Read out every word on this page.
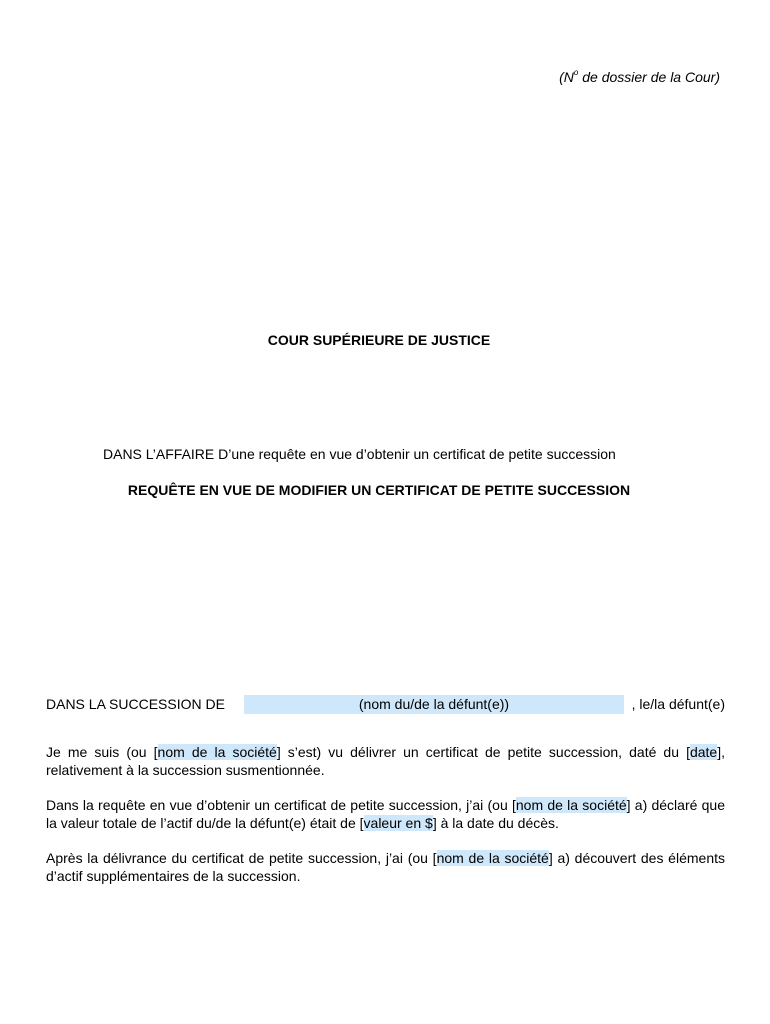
($N^o$ de dossier de la Cour)
COUR SUPÉRIEURE DE JUSTICE
DANS L’AFFAIRE D’une requête en vue d’obtenir un certificat de petite succession
REQUÊTE EN VUE DE MODIFIER UN CERTIFICAT DE PETITE SUCCESSION
DANS LA SUCCESSION DE	(nom du/de la défunt(e))	, le/la défunt(e)
Je me suis (ou [nom de la société] s’est) vu délivrer un certificat de petite succession, daté du [date], relativement à la succession susmentionnée.
Dans la requête en vue d’obtenir un certificat de petite succession, j’ai (ou [nom de la société] a) déclaré que la valeur totale de l’actif du/de la défunt(e) était de [valeur en $] à la date du décès.
Après la délivrance du certificat de petite succession, j’ai (ou [nom de la société] a) découvert des éléments d’actif supplémentaires de la succession.
